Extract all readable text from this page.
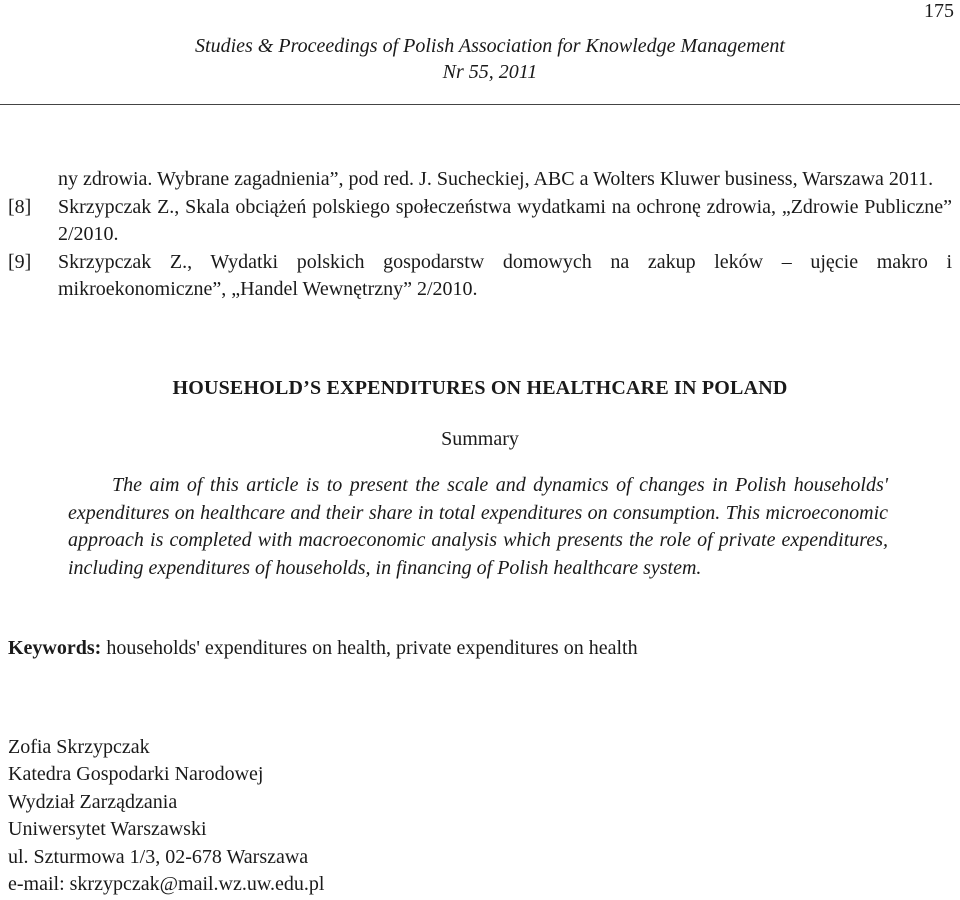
175
Studies & Proceedings of Polish Association for Knowledge Management
Nr 55, 2011
ny zdrowia. Wybrane zagadnienia”, pod red. J. Sucheckiej, ABC a Wolters Kluwer business, Warszawa 2011.
[8] Skrzypczak Z., Skala obciążeń polskiego społeczeństwa wydatkami na ochronę zdrowia, „Zdrowie Publiczne” 2/2010.
[9] Skrzypczak Z., Wydatki polskich gospodarstw domowych na zakup leków – ujęcie makro i mikroekonomiczne”, „Handel Wewnętrzny” 2/2010.
HOUSEHOLD’S EXPENDITURES ON HEALTHCARE IN POLAND
Summary
The aim of this article is to present the scale and dynamics of changes in Polish households' expenditures on healthcare and their share in total expenditures on consumption. This microeconomic approach is completed with macroeconomic analysis which presents the role of private expenditures, including expenditures of households, in financing of Polish healthcare system.
Keywords: households' expenditures on health, private expenditures on health
Zofia Skrzypczak
Katedra Gospodarki Narodowej
Wydział Zarządzania
Uniwersytet Warszawski
ul. Szturmowa 1/3, 02-678 Warszawa
e-mail: skrzypczak@mail.wz.uw.edu.pl
